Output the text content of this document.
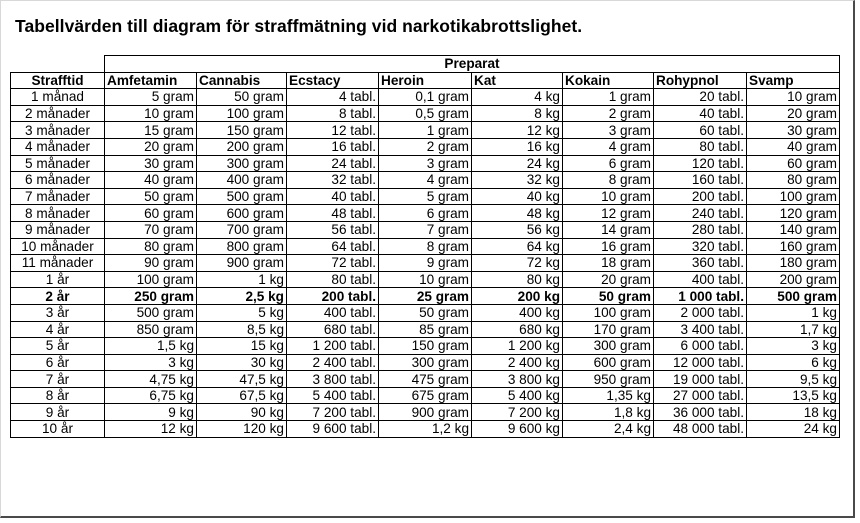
Tabellvärden till diagram för straffmätning vid narkotikabrottslighet.
	Preparat							
Strafftid	Amfetamin	Cannabis	Ecstacy	Heroin	Kat	Kokain	Rohypnol	Svamp
1 månad	5 gram	50 gram	4 tabl.	0,1 gram	4 kg	1 gram	20 tabl.	10 gram
2 månader	10 gram	100 gram	8 tabl.	0,5 gram	8 kg	2 gram	40 tabl.	20 gram
3 månader	15 gram	150 gram	12 tabl.	1 gram	12 kg	3 gram	60 tabl.	30 gram
4 månader	20 gram	200 gram	16 tabl.	2 gram	16 kg	4 gram	80 tabl.	40 gram
5 månader	30 gram	300 gram	24 tabl.	3 gram	24 kg	6 gram	120 tabl.	60 gram
6 månader	40 gram	400 gram	32 tabl.	4 gram	32 kg	8 gram	160 tabl.	80 gram
7 månader	50 gram	500 gram	40 tabl.	5 gram	40 kg	10 gram	200 tabl.	100 gram
8 månader	60 gram	600 gram	48 tabl.	6 gram	48 kg	12 gram	240 tabl.	120 gram
9 månader	70 gram	700 gram	56 tabl.	7 gram	56 kg	14 gram	280 tabl.	140 gram
10 månader	80 gram	800 gram	64 tabl.	8 gram	64 kg	16 gram	320 tabl.	160 gram
11 månader	90 gram	900 gram	72 tabl.	9 gram	72 kg	18 gram	360 tabl.	180 gram
1 år	100 gram	1 kg	80 tabl.	10 gram	80 kg	20 gram	400 tabl.	200 gram
2 år	250 gram	2,5 kg	200 tabl.	25 gram	200 kg	50 gram	1 000 tabl.	500 gram
3 år	500 gram	5 kg	400 tabl.	50 gram	400 kg	100 gram	2 000 tabl.	1 kg
4 år	850 gram	8,5 kg	680 tabl.	85 gram	680 kg	170 gram	3 400 tabl.	1,7 kg
5 år	1,5 kg	15 kg	1 200 tabl.	150 gram	1 200 kg	300 gram	6 000 tabl.	3 kg
6 år	3 kg	30 kg	2 400 tabl.	300 gram	2 400 kg	600 gram	12 000 tabl.	6 kg
7 år	4,75 kg	47,5 kg	3 800 tabl.	475 gram	3 800 kg	950 gram	19 000 tabl.	9,5 kg
8 år	6,75 kg	67,5 kg	5 400 tabl.	675 gram	5 400 kg	1,35 kg	27 000 tabl.	13,5 kg
9 år	9 kg	90 kg	7 200 tabl.	900 gram	7 200 kg	1,8 kg	36 000 tabl.	18 kg
10 år	12 kg	120 kg	9 600 tabl.	1,2 kg	9 600 kg	2,4 kg	48 000 tabl.	24 kg
